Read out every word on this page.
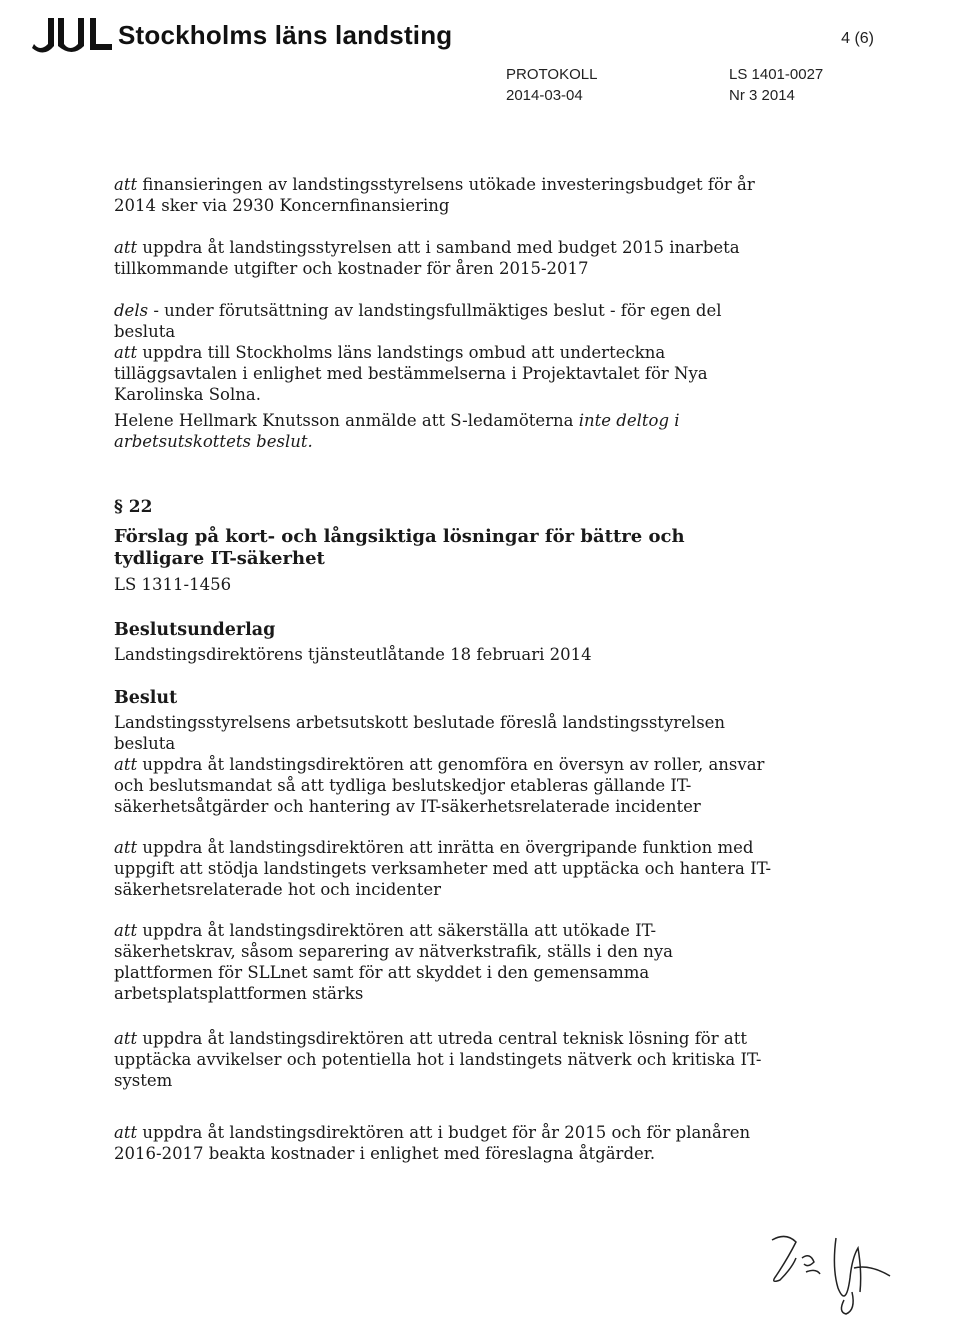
Stockholms läns landsting	4 (6)
PROTOKOLL
2014-03-04
LS 1401-0027
Nr 3 2014
att finansieringen av landstingsstyrelsens utökade investeringsbudget för år 2014 sker via 2930 Koncernfinansiering
att uppdra åt landstingsstyrelsen att i samband med budget 2015 inarbeta tillkommande utgifter och kostnader för åren 2015-2017
dels - under förutsättning av landstingsfullmäktiges beslut - för egen del besluta
att uppdra till Stockholms läns landstings ombud att underteckna tilläggsavtalen i enlighet med bestämmelserna i Projektavtalet för Nya Karolinska Solna.
Helene Hellmark Knutsson anmälde att S-ledamöterna inte deltog i arbetsutskottets beslut.
§ 22
Förslag på kort- och långsiktiga lösningar för bättre och tydligare IT-säkerhet
LS 1311-1456
Beslutsunderlag
Landstingsdirektörens tjänsteutlåtande 18 februari 2014
Beslut
Landstingsstyrelsens arbetsutskott beslutade föreslå landstingsstyrelsen besluta
att uppdra åt landstingsdirektören att genomföra en översyn av roller, ansvar och beslutsmandat så att tydliga beslutskedjor etableras gällande IT-säkerhetsåtgärder och hantering av IT-säkerhetsrelaterade incidenter
att uppdra åt landstingsdirektören att inrätta en övergripande funktion med uppgift att stödja landstingets verksamheter med att upptäcka och hantera IT-säkerhetsrelaterade hot och incidenter
att uppdra åt landstingsdirektören att säkerställa att utökade IT-säkerhetskrav, såsom separering av nätverkstrafik, ställs i den nya plattformen för SLLnet samt för att skyddet i den gemensamma arbetsplatsplattformen stärks
att uppdra åt landstingsdirektören att utreda central teknisk lösning för att upptäcka avvikelser och potentiella hot i landstingets nätverk och kritiska IT-system
att uppdra åt landstingsdirektören att i budget för år 2015 och för planåren 2016-2017 beakta kostnader i enlighet med föreslagna åtgärder.
